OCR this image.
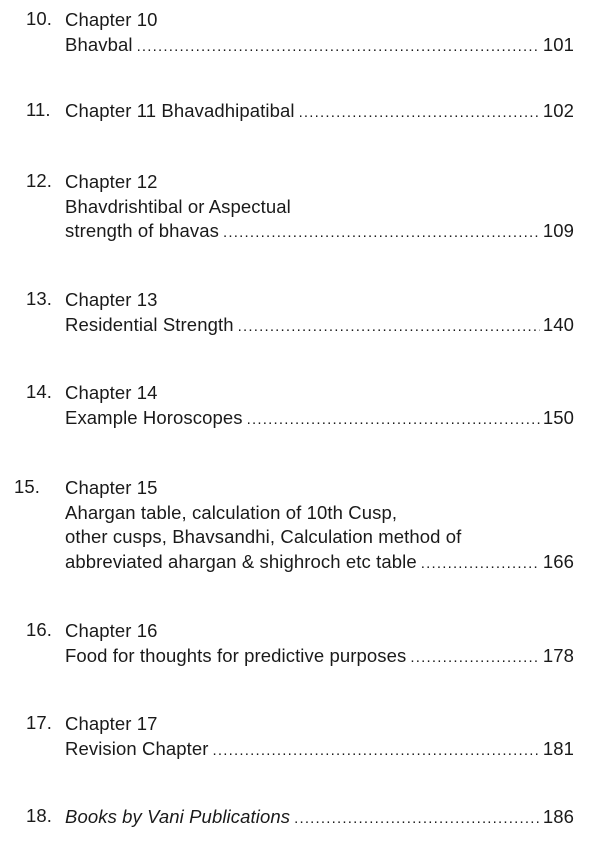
10. Chapter 10
Bhavbal .....	101
11. Chapter 11 Bhavadhipatibal .....	102
12. Chapter 12
Bhavdrishtibal or Aspectual
strength of bhavas .....	109
13. Chapter 13
Residential Strength .....	140
14. Chapter 14
Example Horoscopes .....	150
15. Chapter 15
Ahargan table, calculation of 10th Cusp,
other cusps, Bhavsandhi, Calculation method of
abbreviated ahargan & shighroch etc table .....	166
16. Chapter 16
Food for thoughts for predictive purposes .....	178
17. Chapter 17
Revision Chapter .....	181
18. Books by Vani Publications .....	186
